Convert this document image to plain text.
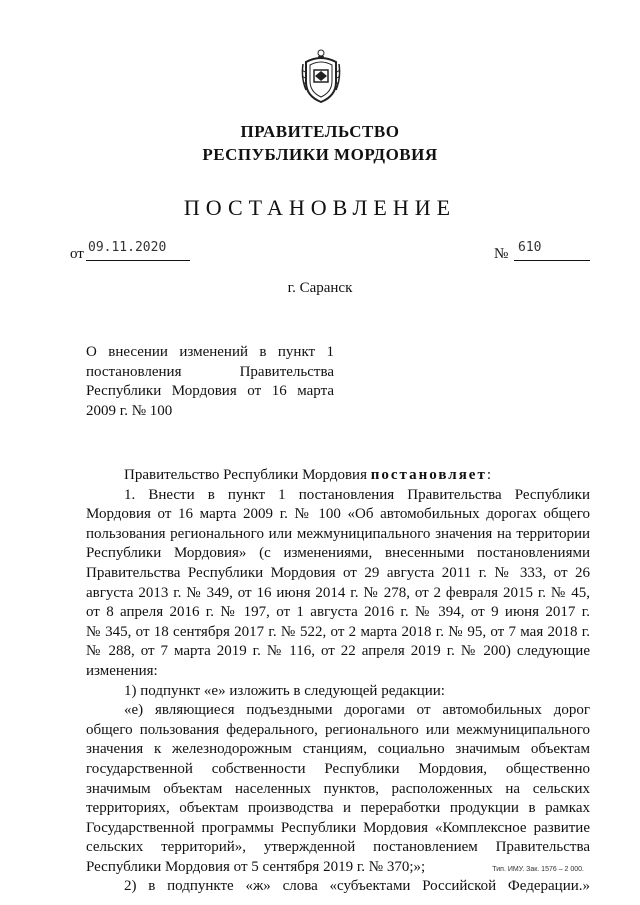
ПРАВИТЕЛЬСТВО
РЕСПУБЛИКИ МОРДОВИЯ
ПОСТАНОВЛЕНИЕ
от 09.11.2020	№ 610
г. Саранск
О внесении изменений в пункт 1
постановления Правительства
Республики Мордовия от 16 марта
2009 г. № 100
Правительство Республики Мордовия постановляет:
1. Внести в пункт 1 постановления Правительства Республики
Мордовия от 16 марта 2009 г. № 100 «Об автомобильных дорогах общего
пользования регионального или межмуниципального значения на территории
Республики Мордовия» (с изменениями, внесенными постановлениями
Правительства Республики Мордовия от 29 августа 2011 г. № 333, от 26
августа 2013 г. № 349, от 16 июня 2014 г. № 278, от 2 февраля 2015 г. № 45,
от 8 апреля 2016 г. № 197, от 1 августа 2016 г. № 394, от 9 июня 2017 г.
№ 345, от 18 сентября 2017 г. № 522, от 2 марта 2018 г. № 95, от 7 мая 2018 г.
№ 288, от 7 марта 2019 г. № 116, от 22 апреля 2019 г. № 200) следующие
изменения:
1) подпункт «е» изложить в следующей редакции:
«е) являющиеся подъездными дорогами от автомобильных дорог
общего пользования федерального, регионального или межмуниципального
значения к железнодорожным станциям, социально значимым объектам
государственной собственности Республики Мордовия, общественно
значимым объектам населенных пунктов, расположенных на сельских
территориях, объектам производства и переработки продукции в рамках
Государственной программы Республики Мордовия «Комплексное развитие
сельских территорий», утвержденной постановлением Правительства
Республики Мордовия от 5 сентября 2019 г. № 370;»;
2) в подпункте «ж» слова «субъектами Российской Федерации.»
Тип. ИМУ. Зак. 1576 – 2 000.
